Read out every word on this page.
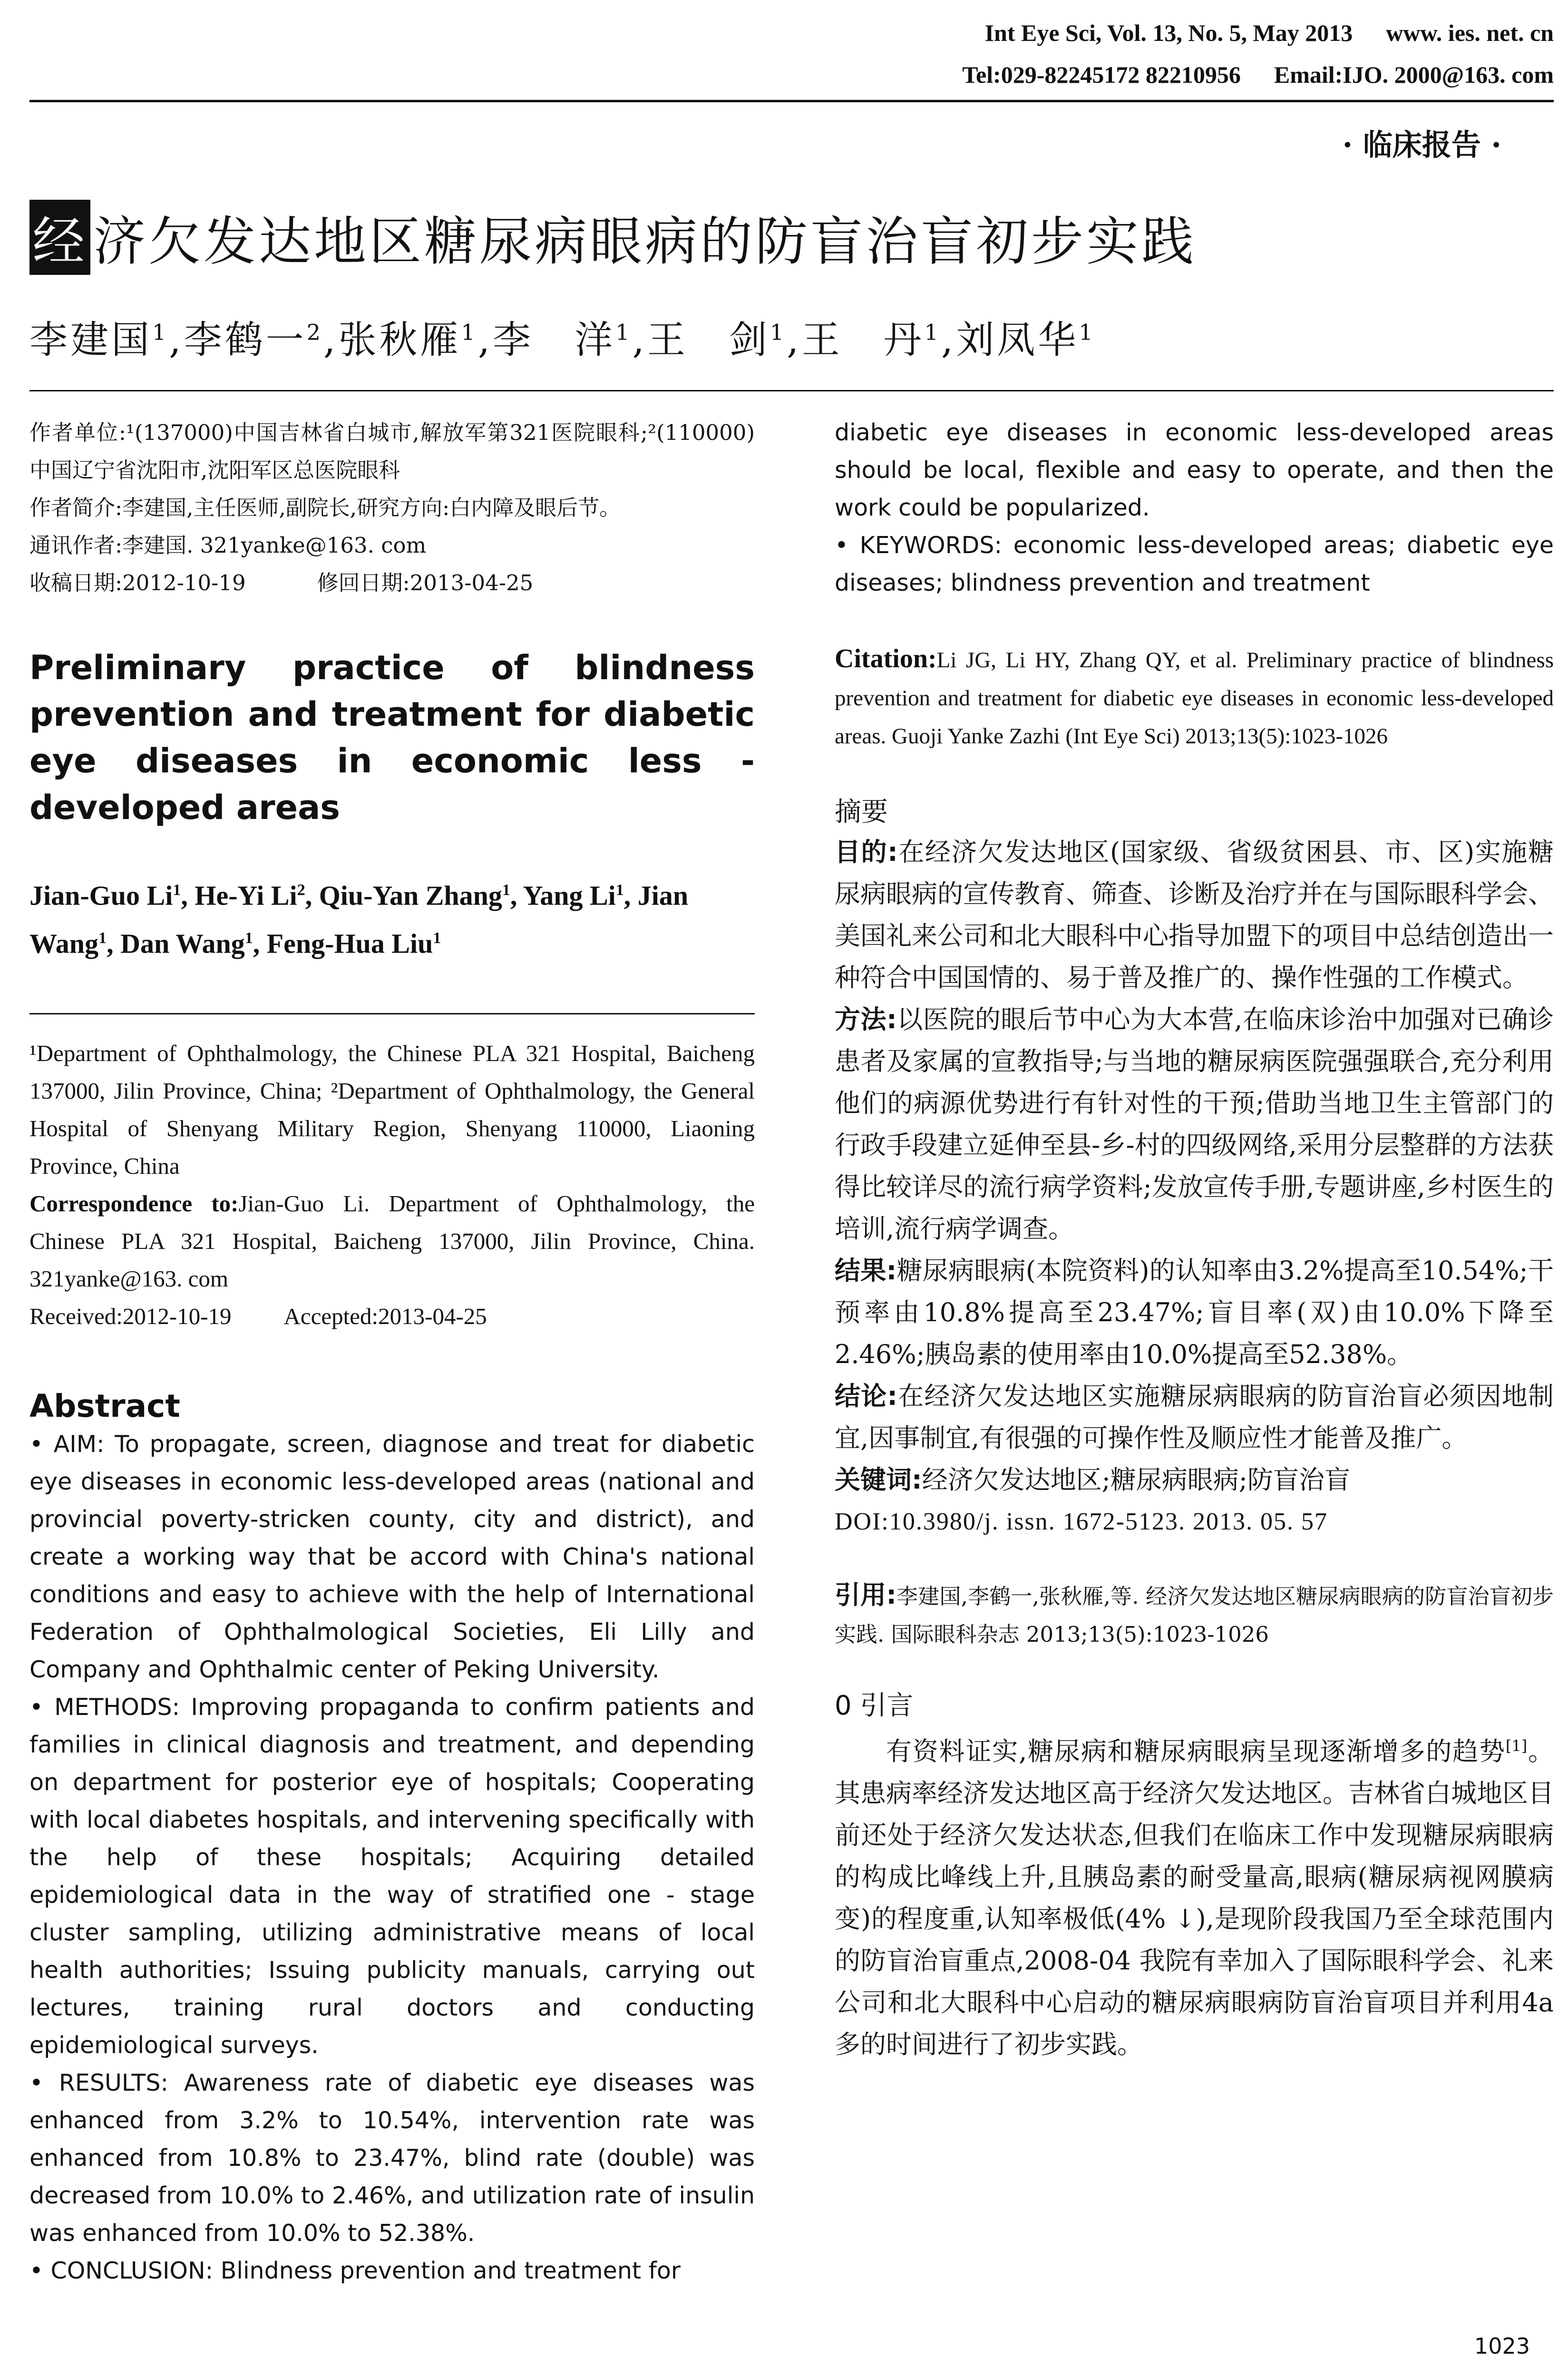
Int Eye Sci, Vol. 13, No. 5, May 2013 www. ies. net. cn
Tel:029-82245172 82210956 Email:IJO. 2000@163. com
· 临床报告 ·
经 济欠发达地区糖尿病眼病的防盲治盲初步实践
李建国$^1$,李鹤一$^2$,张秋雁$^1$,李　洋$^1$,王　剑$^1$,王　丹$^1$,刘凤华$^1$

作者单位:¹(137000)中国吉林省白城市,解放军第321医院眼科;²(110000)中国辽宁省沈阳市,沈阳军区总医院眼科

作者简介:李建国,主任医师,副院长,研究方向:白内障及眼后节。

通讯作者:李建国. 321yanke@163. com

收稿日期:2012-10-19	修回日期:2013-04-25

Preliminary practice of blindness prevention and treatment for diabetic eye diseases in economic less - developed areas
Jian-Guo Li$^1$, He-Yi Li$^2$, Qiu-Yan Zhang$^1$, Yang Li$^1$, Jian Wang$^1$, Dan Wang$^1$, Feng-Hua Liu$^1$

¹Department of Ophthalmology, the Chinese PLA 321 Hospital, Baicheng 137000, Jilin Province, China; ²Department of Ophthalmology, the General Hospital of Shenyang Military Region, Shenyang 110000, Liaoning Province, China

Correspondence to:Jian-Guo Li. Department of Ophthalmology, the Chinese PLA 321 Hospital, Baicheng 137000, Jilin Province, China. 321yanke@163. com

Received:2012-10-19 Accepted:2013-04-25

Abstract

• AIM: To propagate, screen, diagnose and treat for diabetic eye diseases in economic less-developed areas (national and provincial poverty-stricken county, city and district), and create a working way that be accord with China's national conditions and easy to achieve with the help of International Federation of Ophthalmological Societies, Eli Lilly and Company and Ophthalmic center of Peking University.

• METHODS: Improving propaganda to confirm patients and families in clinical diagnosis and treatment, and depending on department for posterior eye of hospitals; Cooperating with local diabetes hospitals, and intervening specifically with the help of these hospitals; Acquiring detailed epidemiological data in the way of stratified one - stage cluster sampling, utilizing administrative means of local health authorities; Issuing publicity manuals, carrying out lectures, training rural doctors and conducting epidemiological surveys.

• RESULTS: Awareness rate of diabetic eye diseases was enhanced from 3.2% to 10.54%, intervention rate was enhanced from 10.8% to 23.47%, blind rate (double) was decreased from 10.0% to 2.46%, and utilization rate of insulin was enhanced from 10.0% to 52.38%.

• CONCLUSION: Blindness prevention and treatment for

diabetic eye diseases in economic less-developed areas should be local, flexible and easy to operate, and then the work could be popularized.

• KEYWORDS: economic less-developed areas; diabetic eye diseases; blindness prevention and treatment

Citation:Li JG, Li HY, Zhang QY, et al. Preliminary practice of blindness prevention and treatment for diabetic eye diseases in economic less-developed areas. Guoji Yanke Zazhi (Int Eye Sci) 2013;13(5):1023-1026
摘要

目的:在经济欠发达地区(国家级、省级贫困县、市、区)实施糖尿病眼病的宣传教育、筛查、诊断及治疗并在与国际眼科学会、美国礼来公司和北大眼科中心指导加盟下的项目中总结创造出一种符合中国国情的、易于普及推广的、操作性强的工作模式。

方法:以医院的眼后节中心为大本营,在临床诊治中加强对已确诊患者及家属的宣教指导;与当地的糖尿病医院强强联合,充分利用他们的病源优势进行有针对性的干预;借助当地卫生主管部门的行政手段建立延伸至县-乡-村的四级网络,采用分层整群的方法获得比较详尽的流行病学资料;发放宣传手册,专题讲座,乡村医生的培训,流行病学调查。

结果:糖尿病眼病(本院资料)的认知率由3.2%提高至10.54%;干预率由10.8%提高至23.47%;盲目率(双)由10.0%下降至2.46%;胰岛素的使用率由10.0%提高至52.38%。

结论:在经济欠发达地区实施糖尿病眼病的防盲治盲必须因地制宜,因事制宜,有很强的可操作性及顺应性才能普及推广。

关键词:经济欠发达地区;糖尿病眼病;防盲治盲

DOI:10.3980/j. issn. 1672-5123. 2013. 05. 57

引用:李建国,李鹤一,张秋雁,等. 经济欠发达地区糖尿病眼病的防盲治盲初步实践. 国际眼科杂志 2013;13(5):1023-1026
0 引言

有资料证实,糖尿病和糖尿病眼病呈现逐渐增多的趋势[1]。其患病率经济发达地区高于经济欠发达地区。吉林省白城地区目前还处于经济欠发达状态,但我们在临床工作中发现糖尿病眼病的构成比峰线上升,且胰岛素的耐受量高,眼病(糖尿病视网膜病变)的程度重,认知率极低(4% ↓),是现阶段我国乃至全球范围内的防盲治盲重点,2008-04 我院有幸加入了国际眼科学会、礼来公司和北大眼科中心启动的糖尿病眼病防盲治盲项目并利用4a多的时间进行了初步实践。

1023
